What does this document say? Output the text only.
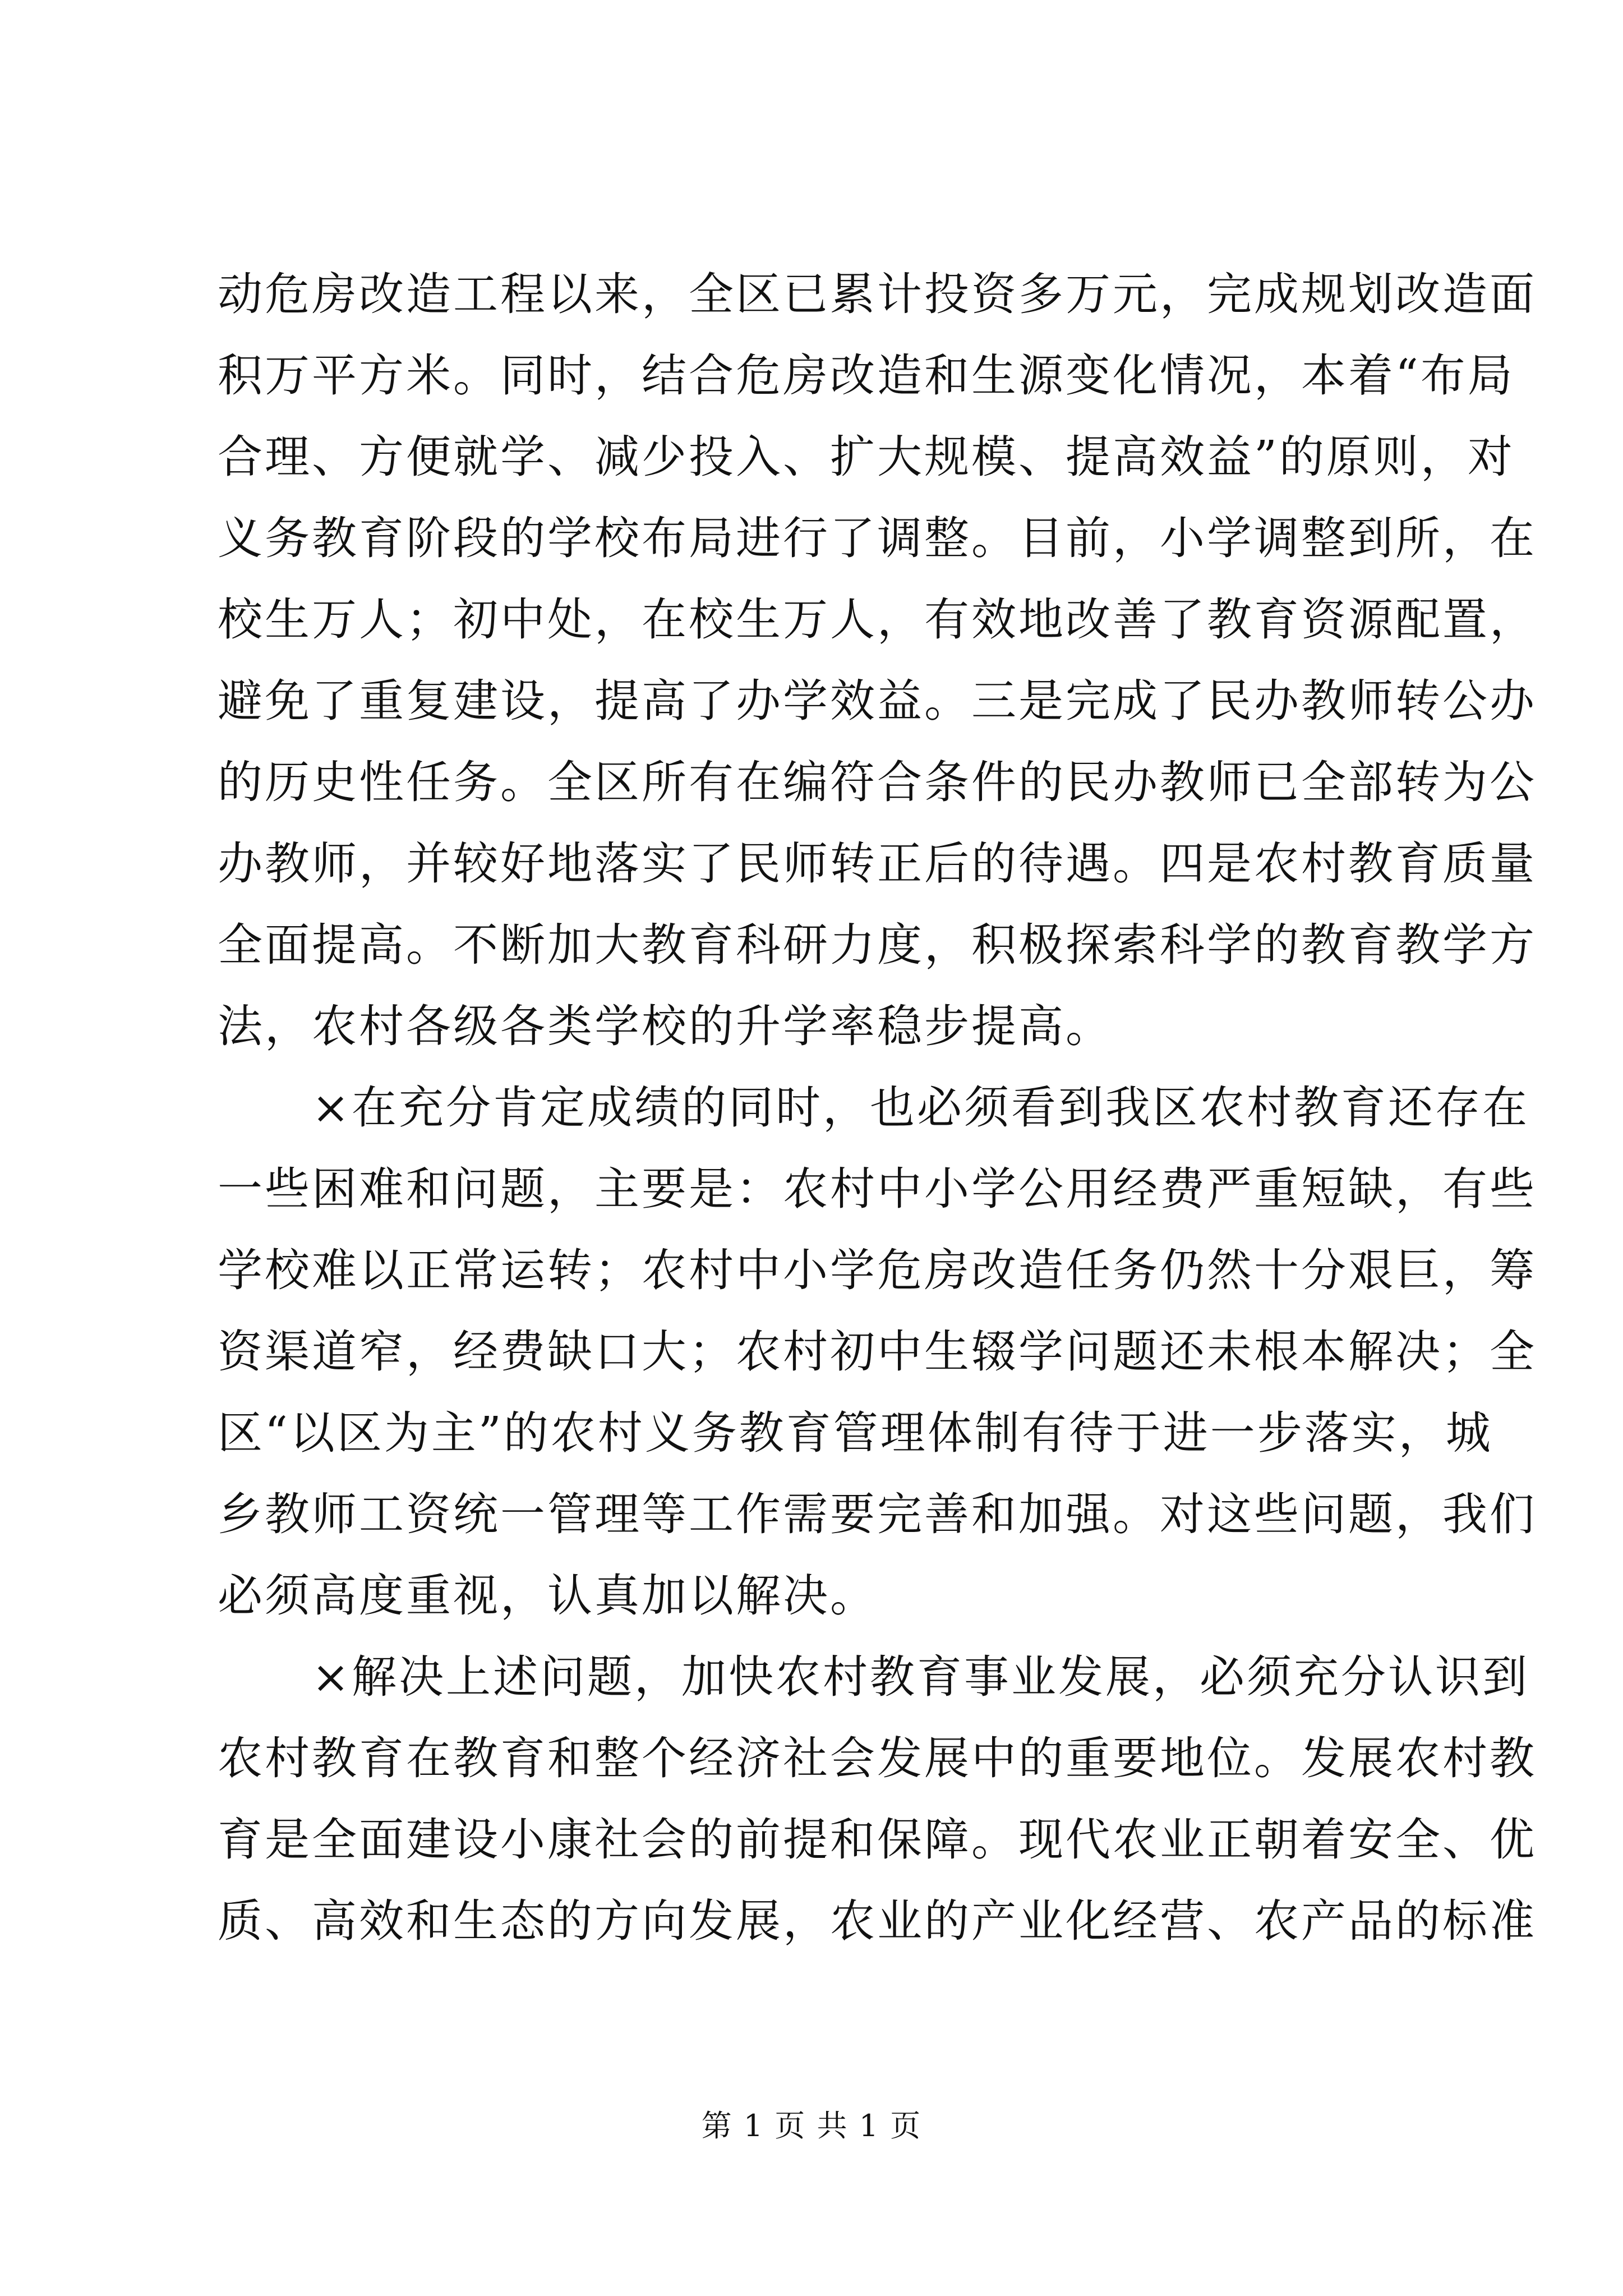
动危房改造工程以来，全区已累计投资多万元，完成规划改造面
积万平方米。同时，结合危房改造和生源变化情况，本着“布局
合理、方便就学、减少投入、扩大规模、提高效益”的原则，对
义务教育阶段的学校布局进行了调整。目前，小学调整到所，在
校生万人；初中处，在校生万人，有效地改善了教育资源配置，
避免了重复建设，提高了办学效益。三是完成了民办教师转公办
的历史性任务。全区所有在编符合条件的民办教师已全部转为公
办教师，并较好地落实了民师转正后的待遇。四是农村教育质量
全面提高。不断加大教育科研力度，积极探索科学的教育教学方
法，农村各级各类学校的升学率稳步提高。
　　×在充分肯定成绩的同时，也必须看到我区农村教育还存在
一些困难和问题，主要是：农村中小学公用经费严重短缺，有些
学校难以正常运转；农村中小学危房改造任务仍然十分艰巨，筹
资渠道窄，经费缺口大；农村初中生辍学问题还未根本解决；全
区“以区为主”的农村义务教育管理体制有待于进一步落实，城
乡教师工资统一管理等工作需要完善和加强。对这些问题，我们
必须高度重视，认真加以解决。
　　×解决上述问题，加快农村教育事业发展，必须充分认识到
农村教育在教育和整个经济社会发展中的重要地位。发展农村教
育是全面建设小康社会的前提和保障。现代农业正朝着安全、优
质、高效和生态的方向发展，农业的产业化经营、农产品的标准
第 1 页 共 1 页
